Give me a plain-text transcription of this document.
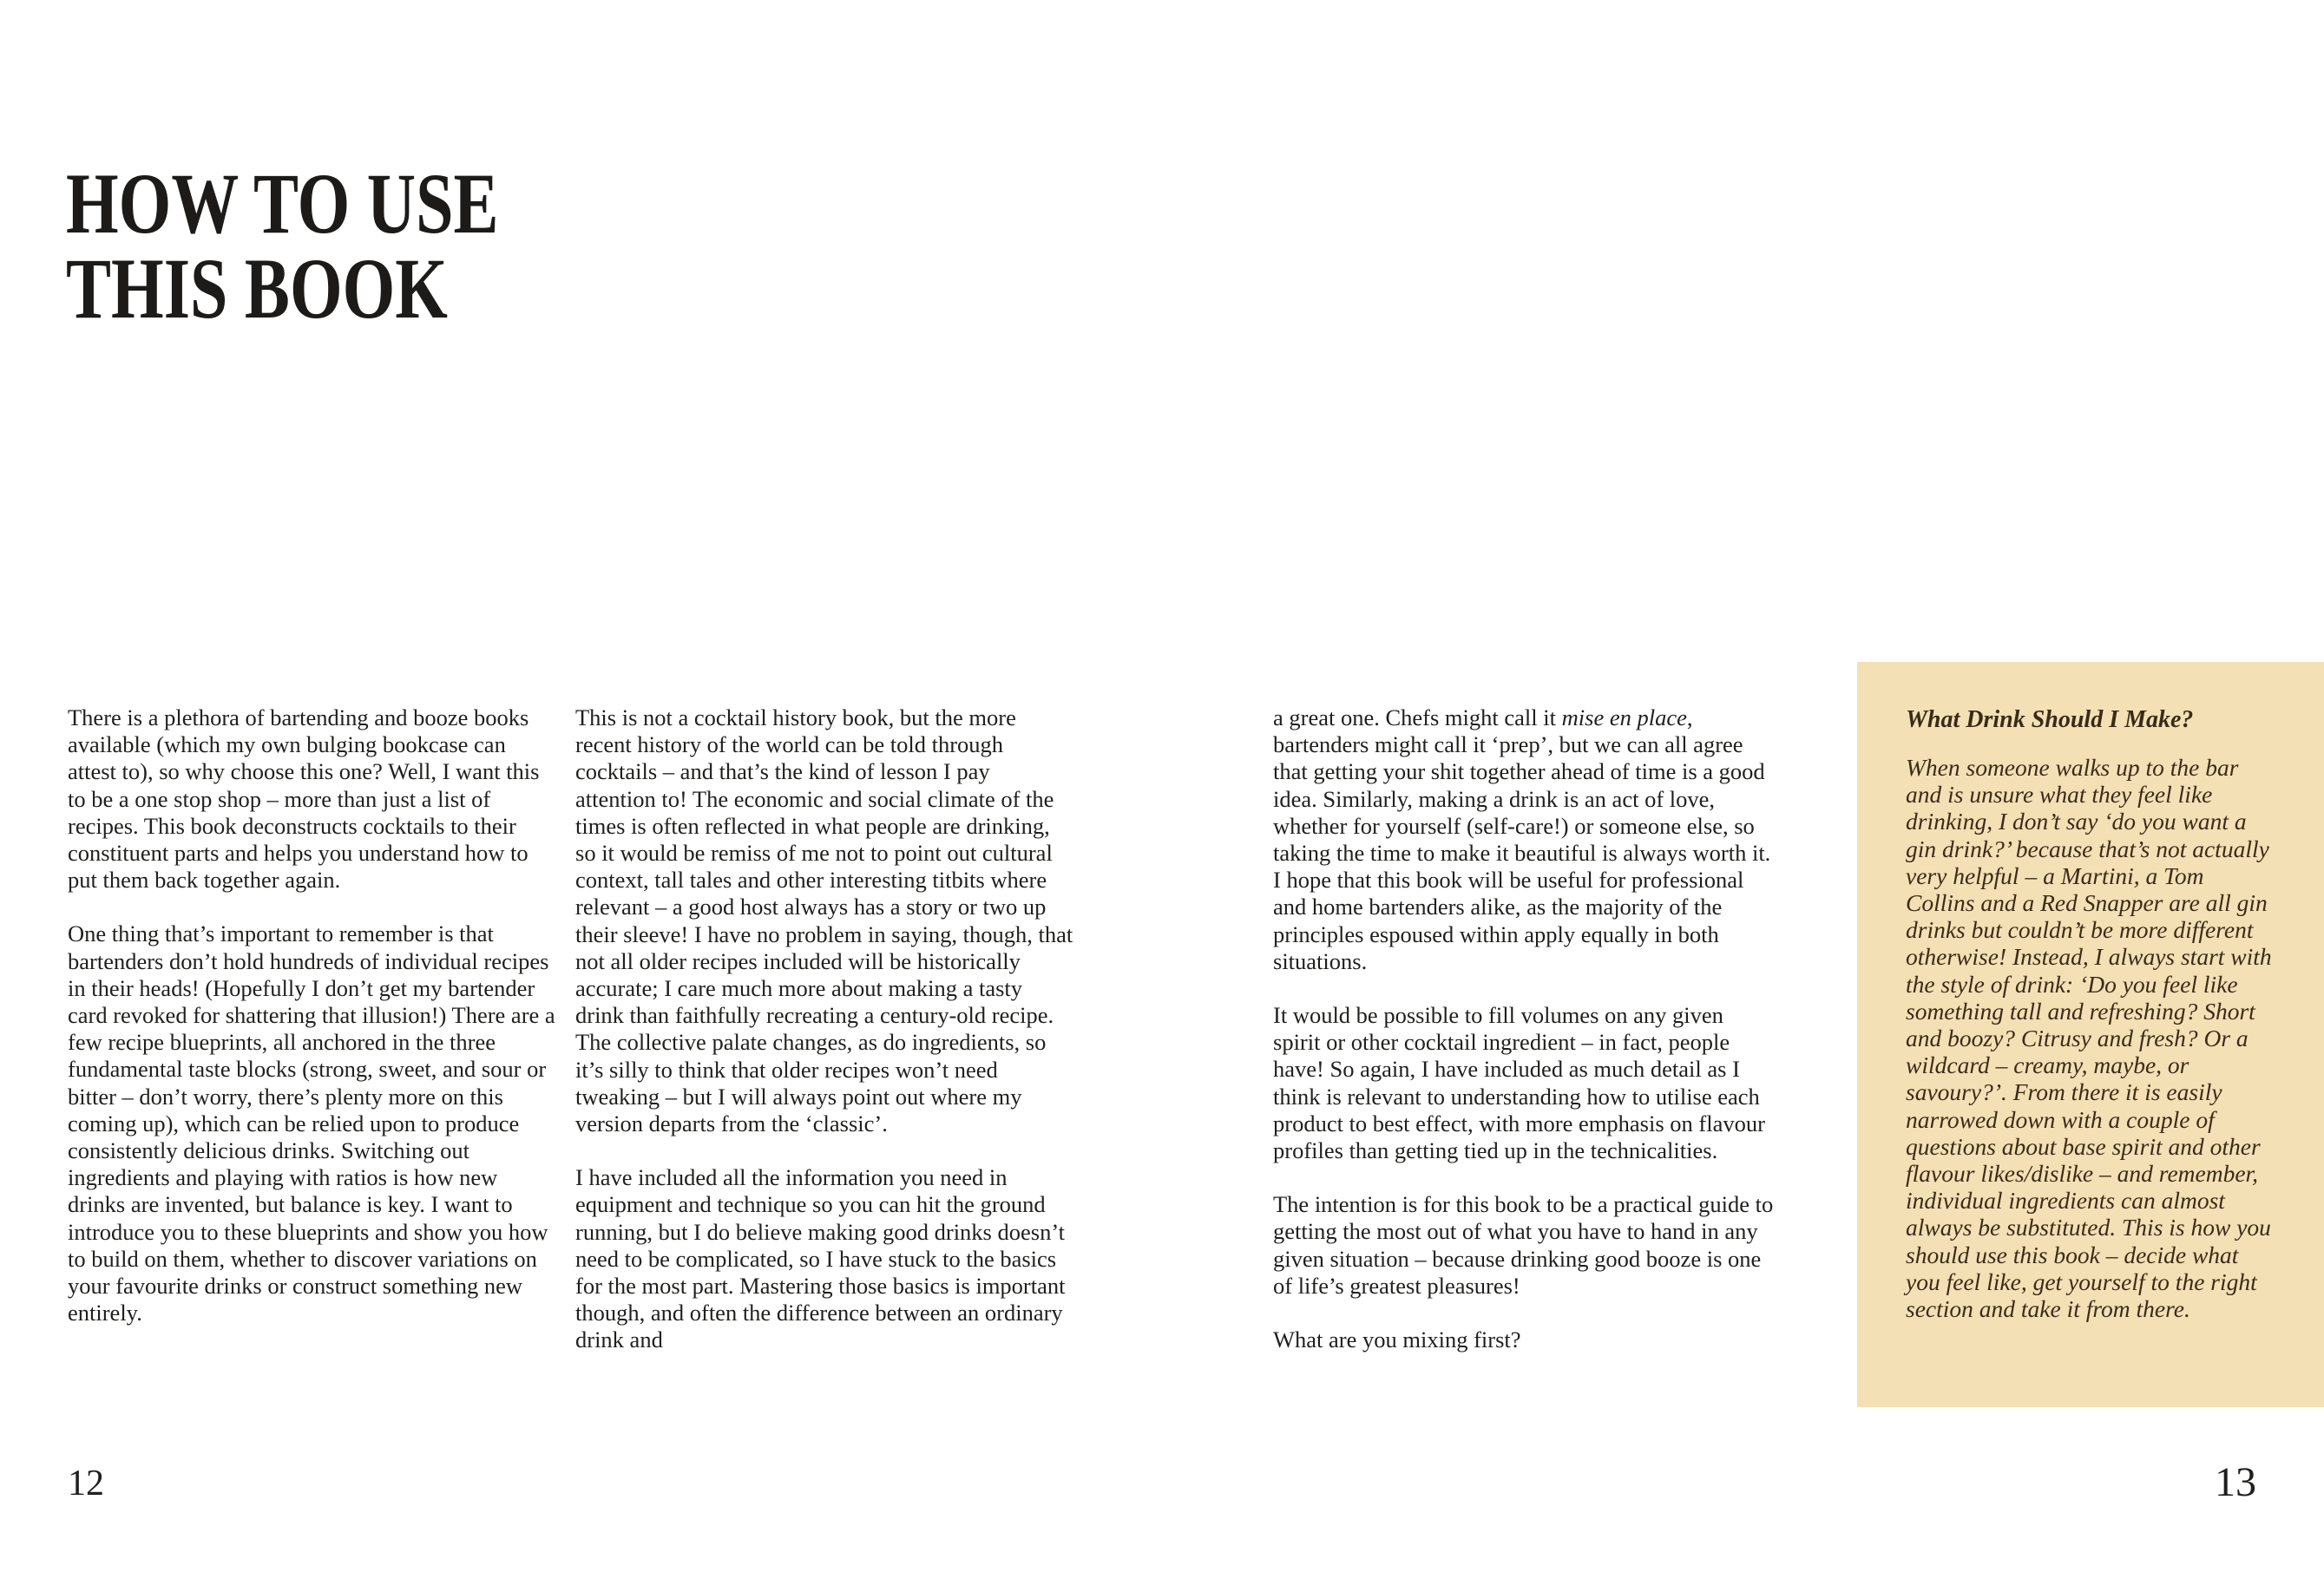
HOW TO USE
THIS BOOK

There is a plethora of bartending and booze books available (which my own bulging bookcase can attest to), so why choose this one? Well, I want this to be a one stop shop – more than just a list of recipes. This book deconstructs cocktails to their constituent parts and helps you understand how to put them back together again.

One thing that’s important to remember is that bartenders don’t hold hundreds of individual recipes in their heads! (Hopefully I don’t get my bartender card revoked for shattering that illusion!) There are a few recipe blueprints, all anchored in the three fundamental taste blocks (strong, sweet, and sour or bitter – don’t worry, there’s plenty more on this coming up), which can be relied upon to produce consistently delicious drinks. Switching out ingredients and playing with ratios is how new drinks are invented, but balance is key. I want to introduce you to these blueprints and show you how to build on them, whether to discover variations on your favourite drinks or construct something new entirely.

This is not a cocktail history book, but the more recent history of the world can be told through cocktails – and that’s the kind of lesson I pay attention to! The economic and social climate of the times is often reflected in what people are drinking, so it would be remiss of me not to point out cultural context, tall tales and other interesting titbits where relevant – a good host always has a story or two up their sleeve! I have no problem in saying, though, that not all older recipes included will be historically accurate; I care much more about making a tasty drink than faithfully recreating a century-old recipe. The collective palate changes, as do ingredients, so it’s silly to think that older recipes won’t need tweaking – but I will always point out where my version departs from the ‘classic’.

I have included all the information you need in equipment and technique so you can hit the ground running, but I do believe making good drinks doesn’t need to be complicated, so I have stuck to the basics for the most part. Mastering those basics is important though, and often the difference between an ordinary drink and

12

a great one. Chefs might call it mise en place, bartenders might call it ‘prep’, but we can all agree that getting your shit together ahead of time is a good idea. Similarly, making a drink is an act of love, whether for yourself (self-care!) or someone else, so taking the time to make it beautiful is always worth it. I hope that this book will be useful for professional and home bartenders alike, as the majority of the principles espoused within apply equally in both situations.

It would be possible to fill volumes on any given spirit or other cocktail ingredient – in fact, people have! So again, I have included as much detail as I think is relevant to understanding how to utilise each product to best effect, with more emphasis on flavour profiles than getting tied up in the technicalities.

The intention is for this book to be a practical guide to getting the most out of what you have to hand in any given situation – because drinking good booze is one of life’s greatest pleasures!

What are you mixing first?

What Drink Should I Make?

When someone walks up to the bar and is unsure what they feel like drinking, I don’t say ‘do you want a gin drink?’ because that’s not actually very helpful – a Martini, a Tom Collins and a Red Snapper are all gin drinks but couldn’t be more different otherwise! Instead, I always start with the style of drink: ‘Do you feel like something tall and refreshing? Short and boozy? Citrusy and fresh? Or a wildcard – creamy, maybe, or savoury?’. From there it is easily narrowed down with a couple of questions about base spirit and other flavour likes/dislike – and remember, individual ingredients can almost always be substituted. This is how you should use this book – decide what you feel like, get yourself to the right section and take it from there.

13
